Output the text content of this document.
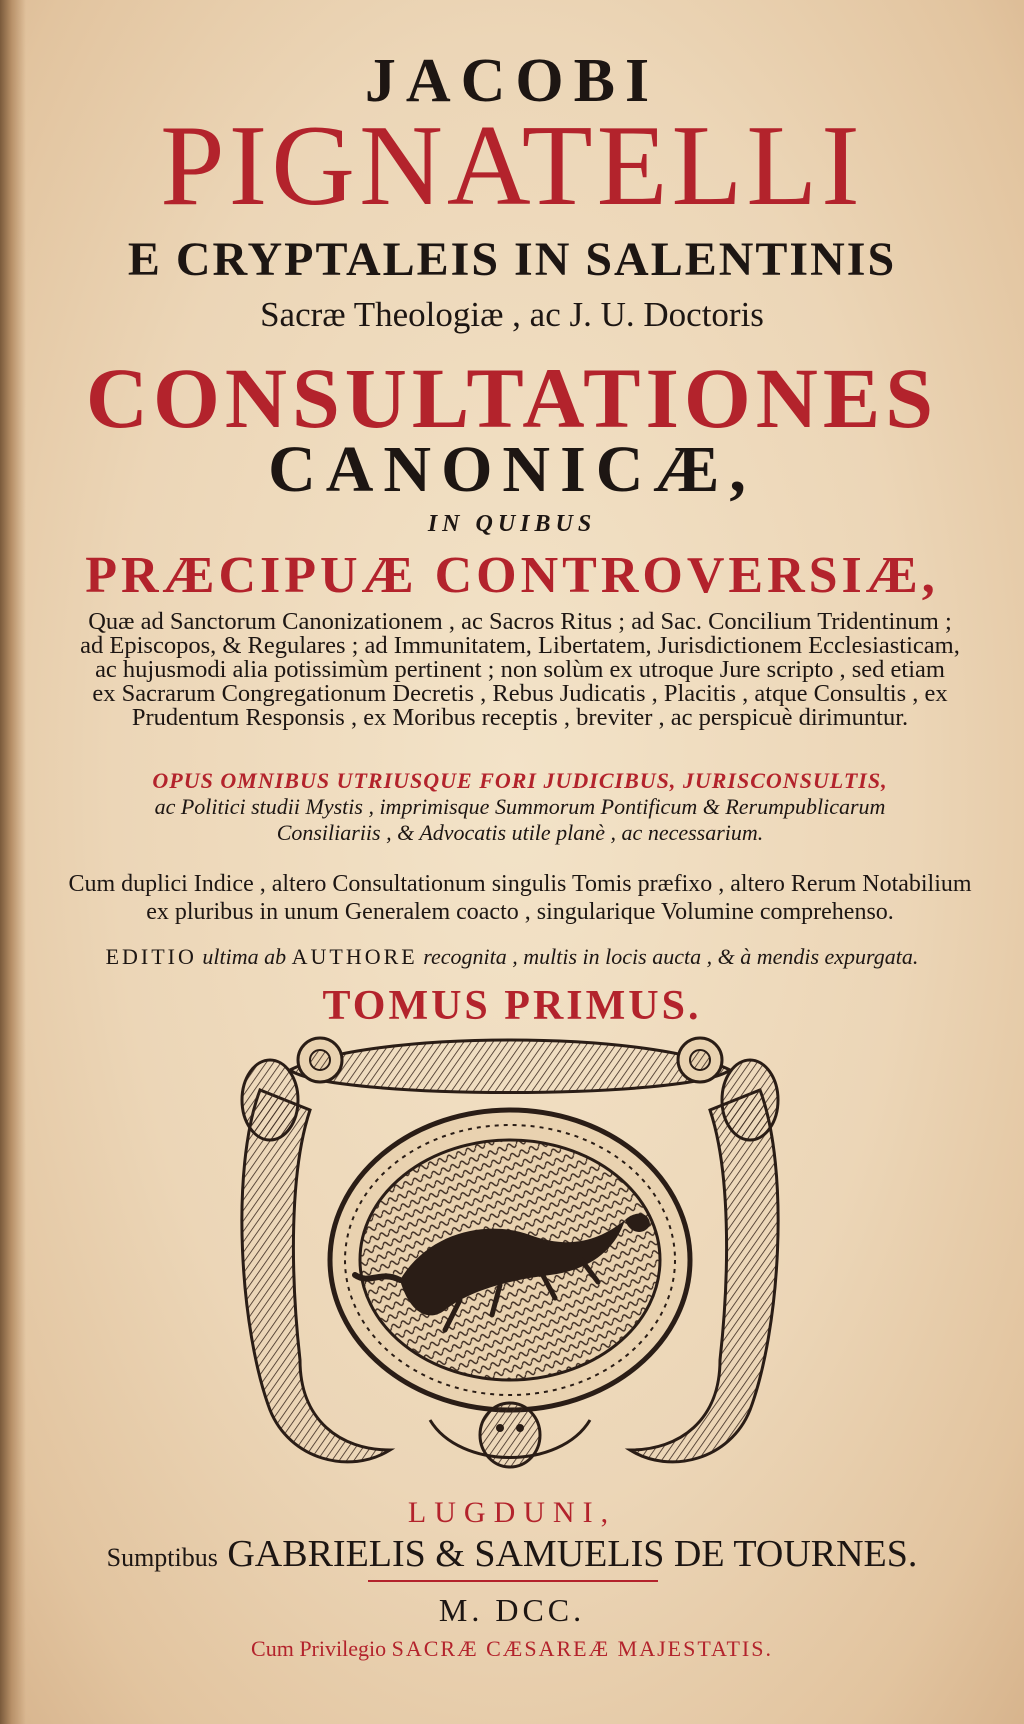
JACOBI
PIGNATELLI
E CRYPTALEIS IN SALENTINIS
Sacræ Theologiæ , ac J. U. Doctoris
CONSULTATIONES
CANONICÆ,
IN QUIBUS
PRÆCIPUÆ CONTROVERSIÆ,
Quæ ad Sanctorum Canonizationem , ac Sacros Ritus ; ad Sac. Concilium Tridentinum ;
ad Episcopos, & Regulares ; ad Immunitatem, Libertatem, Jurisdictionem Ecclesiasticam,
ac hujusmodi alia potissimùm pertinent ; non solùm ex utroque Jure scripto , sed etiam
ex Sacrarum Congregationum Decretis , Rebus Judicatis , Placitis , atque Consultis , ex
Prudentum Responsis , ex Moribus receptis , breviter , ac perspicuè dirimuntur.
OPUS OMNIBUS UTRIUSQUE FORI JUDICIBUS, JURISCONSULTIS,
ac Politici studii Mystis , imprimisque Summorum Pontificum & Rerumpublicarum
Consiliariis , & Advocatis utile planè , ac necessarium.
Cum duplici Indice , altero Consultationum singulis Tomis præfixo , altero Rerum Notabilium
ex pluribus in unum Generalem coacto , singularique Volumine comprehenso.
EDITIO ultima ab AUTHORE recognita , multis in locis aucta , & à mendis expurgata.
TOMUS PRIMUS.
LUGDUNI,
Sumptibus GABRIELIS & SAMUELIS DE TOURNES.
M. DCC.
Cum Privilegio SACRÆ CÆSAREÆ MAJESTATIS.
